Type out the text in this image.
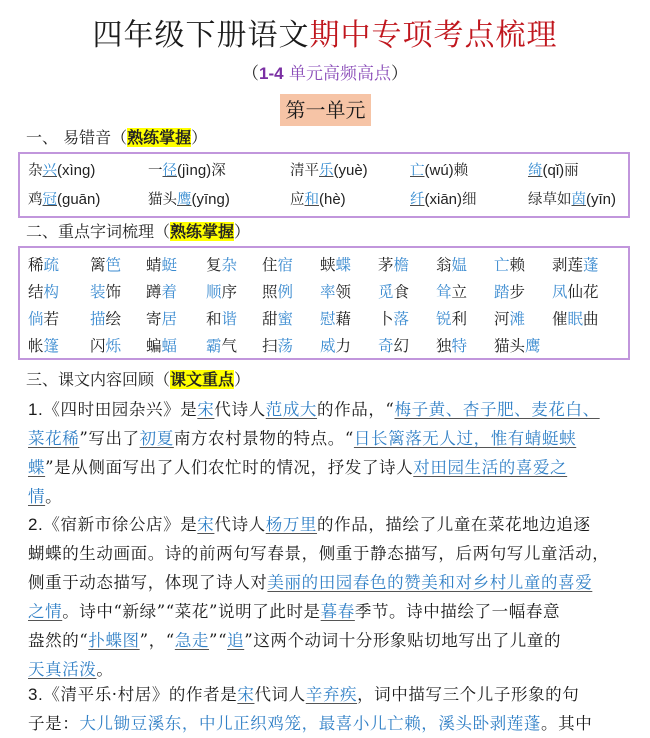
四年级下册语文期中专项考点梳理
（1-4 单元高频高点）
第一单元
一、 易错音（熟练掌握）
杂兴(xìng)	一径(jìng)深	清平乐(yuè)	亡(wú)赖	绮(qǐ)丽
鸡冠(guān)	猫头鹰(yīng)	应和(hè)	纤(xiān)细	绿草如茵(yīn)
二、重点字词梳理（熟练掌握）
稀疏 篱笆 蜻蜓 复杂 住宿 蛱蝶 茅檐 翁媪 亡赖 剥莲蓬
结构 装饰 蹲着 顺序 照例 率领 觅食 耸立 踏步 凤仙花
倘若 描绘 寄居 和谐 甜蜜 慰藉 卜落 锐利 河滩 催眠曲
帐篷 闪烁 蝙蝠 霸气 扫荡 威力 奇幻 独特 猫头鹰
三、课文内容回顾（课文重点）
1.《四时田园杂兴》是宋代诗人范成大的作品，“梅子黄、杏子肥、麦花白、
菜花稀”写出了初夏南方农村景物的特点。“日长篱落无人过，惟有蜻蜓蛱
蝶”是从侧面写出了人们农忙时的情况，抒发了诗人对田园生活的喜爱之
情。
2.《宿新市徐公店》是宋代诗人杨万里的作品，描绘了儿童在菜花地边追逐
蝴蝶的生动画面。诗的前两句写春景，侧重于静态描写，后两句写儿童活动，
侧重于动态描写，体现了诗人对美丽的田园春色的赞美和对乡村儿童的喜爱
之情。诗中“新绿”“菜花”说明了此时是暮春季节。诗中描绘了一幅春意
盎然的“扑蝶图”，“急走”“追”这两个动词十分形象贴切地写出了儿童的
天真活泼。
3.《清平乐·村居》的作者是宋代词人辛弃疾，词中描写三个儿子形象的句
子是：大儿锄豆溪东，中儿正织鸡笼，最喜小儿亡赖，溪头卧剥莲蓬。其中
